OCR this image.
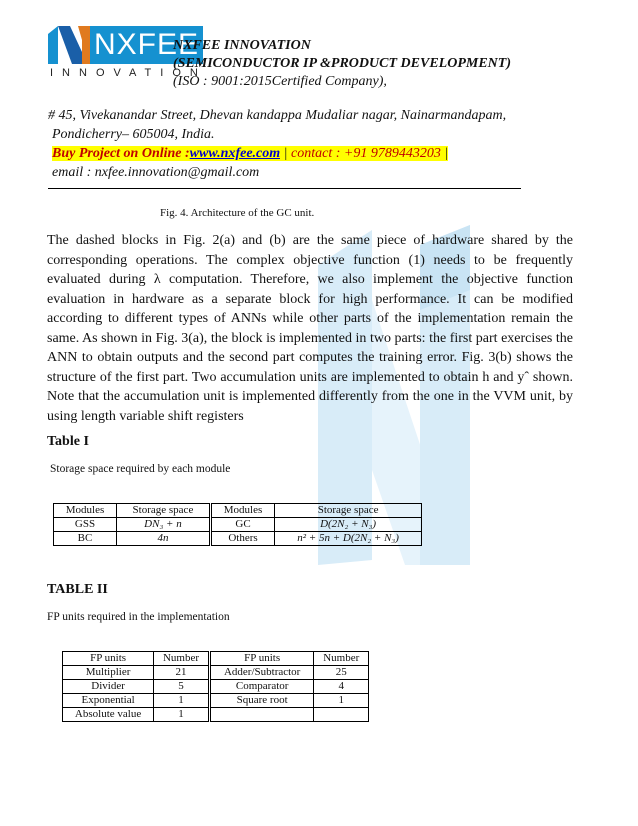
NXFEE
INNOVATION
NXFEE INNOVATION
(SEMICONDUCTOR IP &PRODUCT DEVELOPMENT)
(ISO : 9001:2015Certified Company),
# 45, Vivekanandar Street, Dhevan kandappa Mudaliar nagar, Nainarmandapam,
Pondicherry– 605004, India.
Buy Project on Online :www.nxfee.com | contact : +91 9789443203 |
email : nxfee.innovation@gmail.com
Fig. 4. Architecture of the GC unit.
The dashed blocks in Fig. 2(a) and (b) are the same piece of hardware shared by the corresponding operations. The complex objective function (1) needs to be frequently evaluated during λ computation. Therefore, we also implement the objective function evaluation in hardware as a separate block for high performance. It can be modified according to different types of ANNs while other parts of the implementation remain the same. As shown in Fig. 3(a), the block is implemented in two parts: the first part exercises the ANN to obtain outputs and the second part computes the training error. Fig. 3(b) shows the structure of the first part. Two accumulation units are implemented to obtain h and yˆ shown. Note that the accumulation unit is implemented differently from the one in the VVM unit, by using length variable shift registers
Table I
Storage space required by each module
Modules	Storage space	Modules	Storage space
GSS	DN₃ + n	GC	D(2N₂ + N₃)
BC	4n	Others	n² + 5n + D(2N₂ + N₃)
TABLE II
FP units required in the implementation
FP units	Number	FP units	Number
Multiplier	21	Adder/Subtractor	25
Divider	5	Comparator	4
Exponential	1	Square root	1
Absolute value	1		
